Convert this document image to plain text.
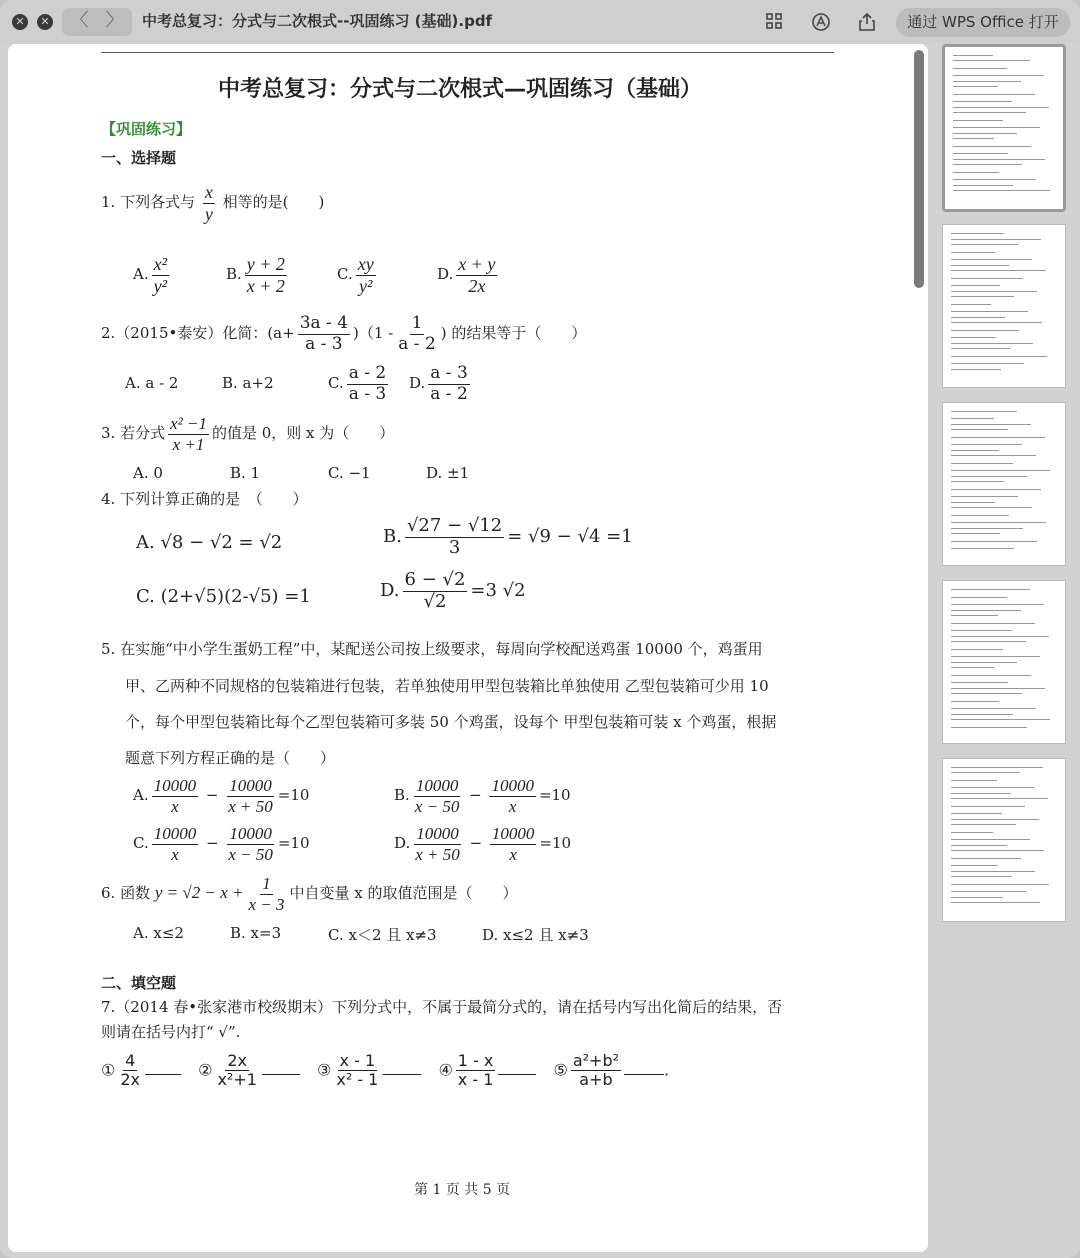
✕	✕	〈 〉	中考总复习：分式与二次根式--巩固练习 (基础).pdf	通过 WPS Office 打开
中考总复习：分式与二次根式—巩固练习（基础）
【巩固练习】
一、选择题
1. 下列各式与 $\frac{x}{y}$ 相等的是(　　)
A. $\frac{\text{x²}}{\text{y²}}$	B. $\frac{y + 2}{x + 2}$	C. $\frac{xy}{\text{y²}}$	D. $\frac{x + y}{2x}$
2.（2015•泰安）化简：$(a+ \frac{3a - 4}{a - 3} )(1 - \frac{1}{a - 2}$ ) 的结果等于（　　）
A. a - 2	B. a+2	C. $\frac{a - 2}{a - 3} D$. $\frac{a - 3}{a - 2}$
3. 若分式 $\frac{\text{x² −1}}{x +1}$ 的值是 0，则 x 为（　　）
A. 0	B. 1	C. −1	D. ±1
4. 下列计算正确的是　（　　）
A. √8 − √2 = √2	B. $\frac{√27 - √12}{3} = √9 - √4 =1$
C. (2+√5)(2-√5) =1	D. $\frac{6 - √2}{√2} =3$ √2
5. 在实施“中小学生蛋奶工程”中，某配送公司按上级要求，每周向学校配送鸡蛋 10000 个，鸡蛋用
甲、乙两种不同规格的包装箱进行包装，若单独使用甲型包装箱比单独使用 乙型包装箱可少用 10
个，每个甲型包装箱比每个乙型包装箱可多装 50 个鸡蛋，设每个 甲型包装箱可装 x 个鸡蛋，根据
题意下列方程正确的是（　　）
A. $\frac{10000}{x} - \frac{10000}{x + 50} =10$	B. $\frac{10000}{x - 50} - \frac{10000}{x} =10$
C. $\frac{10000}{x} - \frac{10000}{x - 50} =10$	D. $\frac{10000}{x + 50} - \frac{10000}{x} =10$
6. 函数 $y = √2 - x + \frac{1}{x - 3}$ 中自变量 x 的取值范围是（　　）
A. x≤2	B. x=3	C. x＜2 且 x≠3	D. x≤2 且 x≠3
二、填空题
7.（2014 春•张家港市校级期末）下列分式中，不属于最简分式的，请在括号内写出化简后的结果，否
则请在括号内打“ √”.
① $\frac{4}{2x}$	② $\frac{2x}{\text{x²+1}}$	③ $\frac{x - 1}{\text{x² - 1}}$	④ $\frac{1 - x}{x - 1}$	⑤ $\frac{\text{a²+b²}}{a+b}$	.
第 1 页 共 5 页
